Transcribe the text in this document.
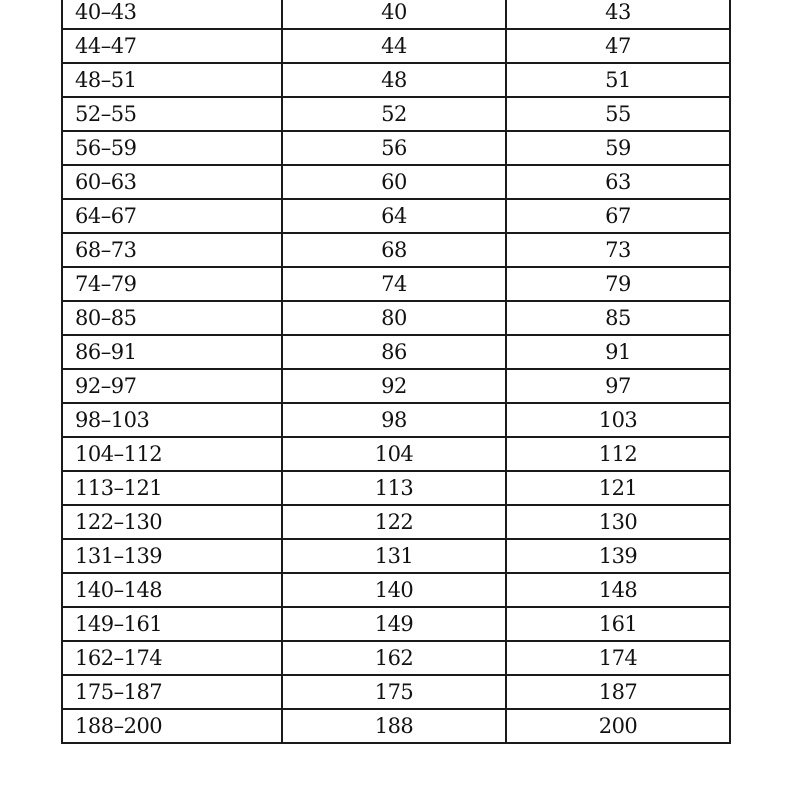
40–43	40	43
44–47	44	47
48–51	48	51
52–55	52	55
56–59	56	59
60–63	60	63
64–67	64	67
68–73	68	73
74–79	74	79
80–85	80	85
86–91	86	91
92–97	92	97
98–103	98	103
104–112	104	112
113–121	113	121
122–130	122	130
131–139	131	139
140–148	140	148
149–161	149	161
162–174	162	174
175–187	175	187
188–200	188	200
